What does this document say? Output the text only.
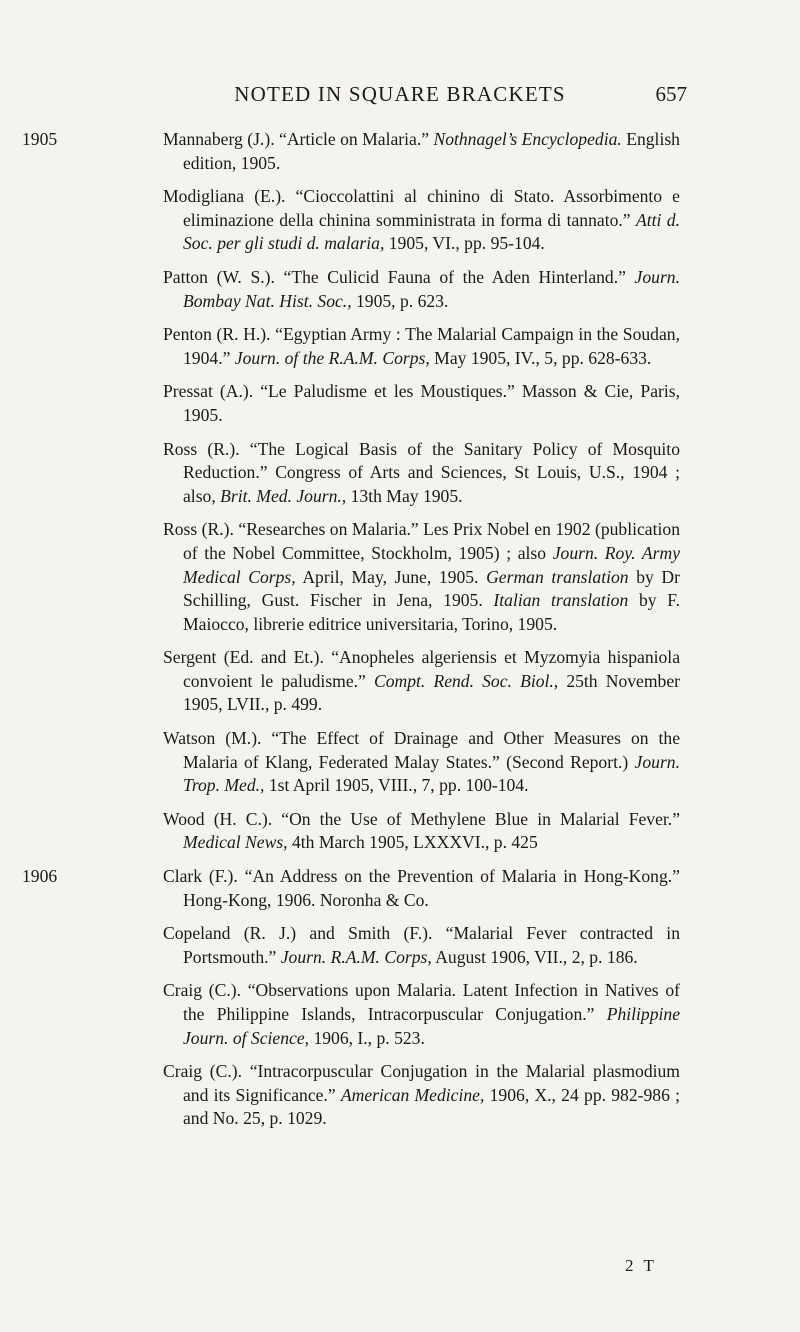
NOTED IN SQUARE BRACKETS	657
1905	Mannaberg (J.). “Article on Malaria.” Nothnagel’s Encyclopedia. English edition, 1905.
Modigliana (E.). “Cioccolattini al chinino di Stato. Assorbimento e eliminazione della chinina somministrata in forma di tannato.” Atti d. Soc. per gli studi d. malaria, 1905, VI., pp. 95-104.
Patton (W. S.). “The Culicid Fauna of the Aden Hinterland.” Journ. Bombay Nat. Hist. Soc., 1905, p. 623.
Penton (R. H.). “Egyptian Army : The Malarial Campaign in the Soudan, 1904.” Journ. of the R.A.M. Corps, May 1905, IV., 5, pp. 628-633.
Pressat (A.). “Le Paludisme et les Moustiques.” Masson & Cie, Paris, 1905.
Ross (R.). “The Logical Basis of the Sanitary Policy of Mosquito Reduction.” Congress of Arts and Sciences, St Louis, U.S., 1904 ; also, Brit. Med. Journ., 13th May 1905.
Ross (R.). “Researches on Malaria.” Les Prix Nobel en 1902 (publication of the Nobel Committee, Stockholm, 1905) ; also Journ. Roy. Army Medical Corps, April, May, June, 1905. German translation by Dr Schilling, Gust. Fischer in Jena, 1905. Italian translation by F. Maiocco, librerie editrice universitaria, Torino, 1905.
Sergent (Ed. and Et.). “Anopheles algeriensis et Myzomyia hispaniola convoient le paludisme.” Compt. Rend. Soc. Biol., 25th November 1905, LVII., p. 499.
Watson (M.). “The Effect of Drainage and Other Measures on the Malaria of Klang, Federated Malay States.” (Second Report.) Journ. Trop. Med., 1st April 1905, VIII., 7, pp. 100-104.
Wood (H. C.). “On the Use of Methylene Blue in Malarial Fever.” Medical News, 4th March 1905, LXXXVI., p. 425
1906	Clark (F.). “An Address on the Prevention of Malaria in Hong-Kong.” Hong-Kong, 1906. Noronha & Co.
Copeland (R. J.) and Smith (F.). “Malarial Fever contracted in Portsmouth.” Journ. R.A.M. Corps, August 1906, VII., 2, p. 186.
Craig (C.). “Observations upon Malaria. Latent Infection in Natives of the Philippine Islands, Intracorpuscular Conjugation.” Philippine Journ. of Science, 1906, I., p. 523.
Craig (C.). “Intracorpuscular Conjugation in the Malarial plasmodium and its Significance.” American Medicine, 1906, X., 24 pp. 982-986 ; and No. 25, p. 1029.
2 T
